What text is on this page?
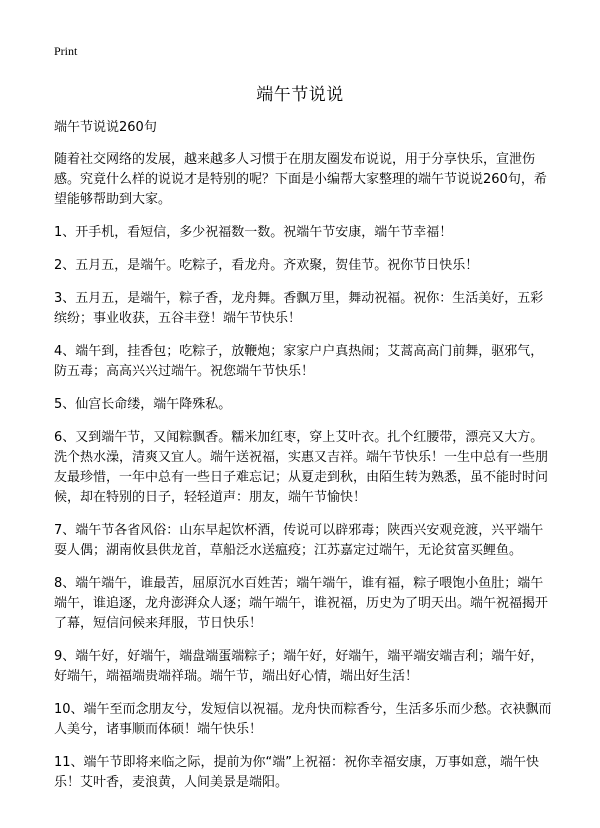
Print
端午节说说

端午节说说260句

随着社交网络的发展，越来越多人习惯于在朋友圈发布说说，用于分享快乐，宣泄伤感。究竟什么样的说说才是特别的呢？下面是小编帮大家整理的端午节说说260句，希望能够帮助到大家。

1、开手机，看短信，多少祝福数一数。祝端午节安康，端午节幸福！

2、五月五，是端午。吃粽子，看龙舟。齐欢聚，贺佳节。祝你节日快乐！

3、五月五，是端午，粽子香，龙舟舞。香飘万里，舞动祝福。祝你：生活美好，五彩缤纷；事业收获，五谷丰登！端午节快乐！

4、端午到，挂香包；吃粽子，放鞭炮；家家户户真热闹；艾蒿高高门前舞，驱邪气，防五毒；高高兴兴过端午。祝您端午节快乐！

5、仙宫长命缕，端午降殊私。

6、又到端午节，又闻粽飘香。糯米加红枣，穿上艾叶衣。扎个红腰带，漂亮又大方。洗个热水澡，清爽又宜人。端午送祝福，实惠又吉祥。端午节快乐！一生中总有一些朋友最珍惜，一年中总有一些日子难忘记；从夏走到秋，由陌生转为熟悉，虽不能时时问候，却在特别的日子，轻轻道声：朋友，端午节愉快！

7、端午节各省风俗：山东早起饮杯酒，传说可以辟邪毒；陕西兴安观竞渡，兴平端午耍人偶；湖南攸县供龙首，草船泛水送瘟疫；江苏嘉定过端午，无论贫富买鲤鱼。

8、端午端午，谁最苦，屈原沉水百姓苦；端午端午，谁有福，粽子喂饱小鱼肚；端午端午，谁追逐，龙舟澎湃众人逐；端午端午，谁祝福，历史为了明天出。端午祝福揭开了幕，短信问候来拜服，节日快乐！

9、端午好，好端午，端盘端蛋端粽子；端午好，好端午，端平端安端吉利；端午好，好端午，端福端贵端祥瑞。端午节，端出好心情，端出好生活！

10、端午至而念朋友兮，发短信以祝福。龙舟快而粽香兮，生活多乐而少愁。衣袂飘而人美兮，诸事顺而体硕！端午快乐！

11、端午节即将来临之际，提前为你“端”上祝福：祝你幸福安康，万事如意，端午快乐！艾叶香，麦浪黄，人间美景是端阳。
